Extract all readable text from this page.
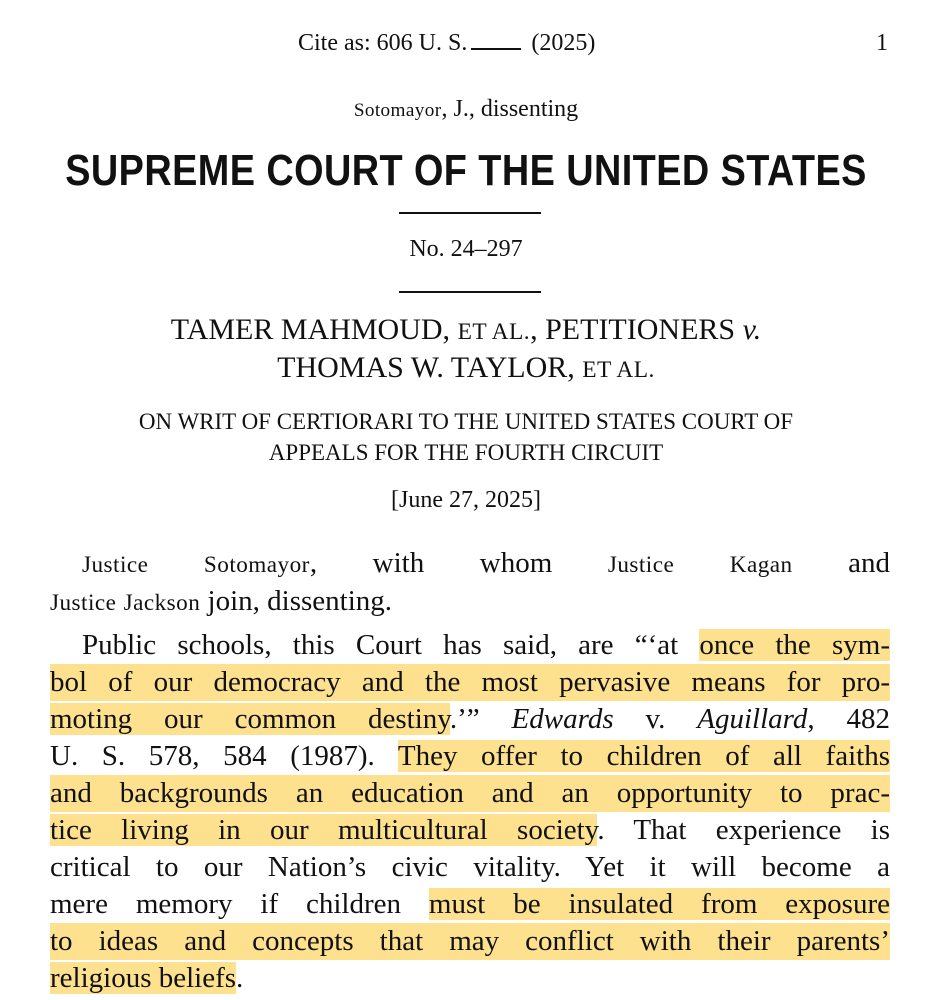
Cite as: 606 U. S.	(2025)	1
Sotomayor, J., dissenting
SUPREME COURT OF THE UNITED STATES
No. 24–297
TAMER MAHMOUD, ET AL., PETITIONERS v.
THOMAS W. TAYLOR, ET AL.
ON WRIT OF CERTIORARI TO THE UNITED STATES COURT OF
APPEALS FOR THE FOURTH CIRCUIT
[June 27, 2025]
Justice Sotomayor, with whom Justice Kagan and
Justice Jackson join, dissenting.
Public schools, this Court has said, are “‘at once the sym-
bol of our democracy and the most pervasive means for pro-
moting our common destiny.’” Edwards v. Aguillard, 482
U. S. 578, 584 (1987). They offer to children of all faiths
and backgrounds an education and an opportunity to prac-
tice living in our multicultural society. That experience is
critical to our Nation’s civic vitality. Yet it will become a
mere memory if children must be insulated from exposure
to ideas and concepts that may conflict with their parents’
religious beliefs.
